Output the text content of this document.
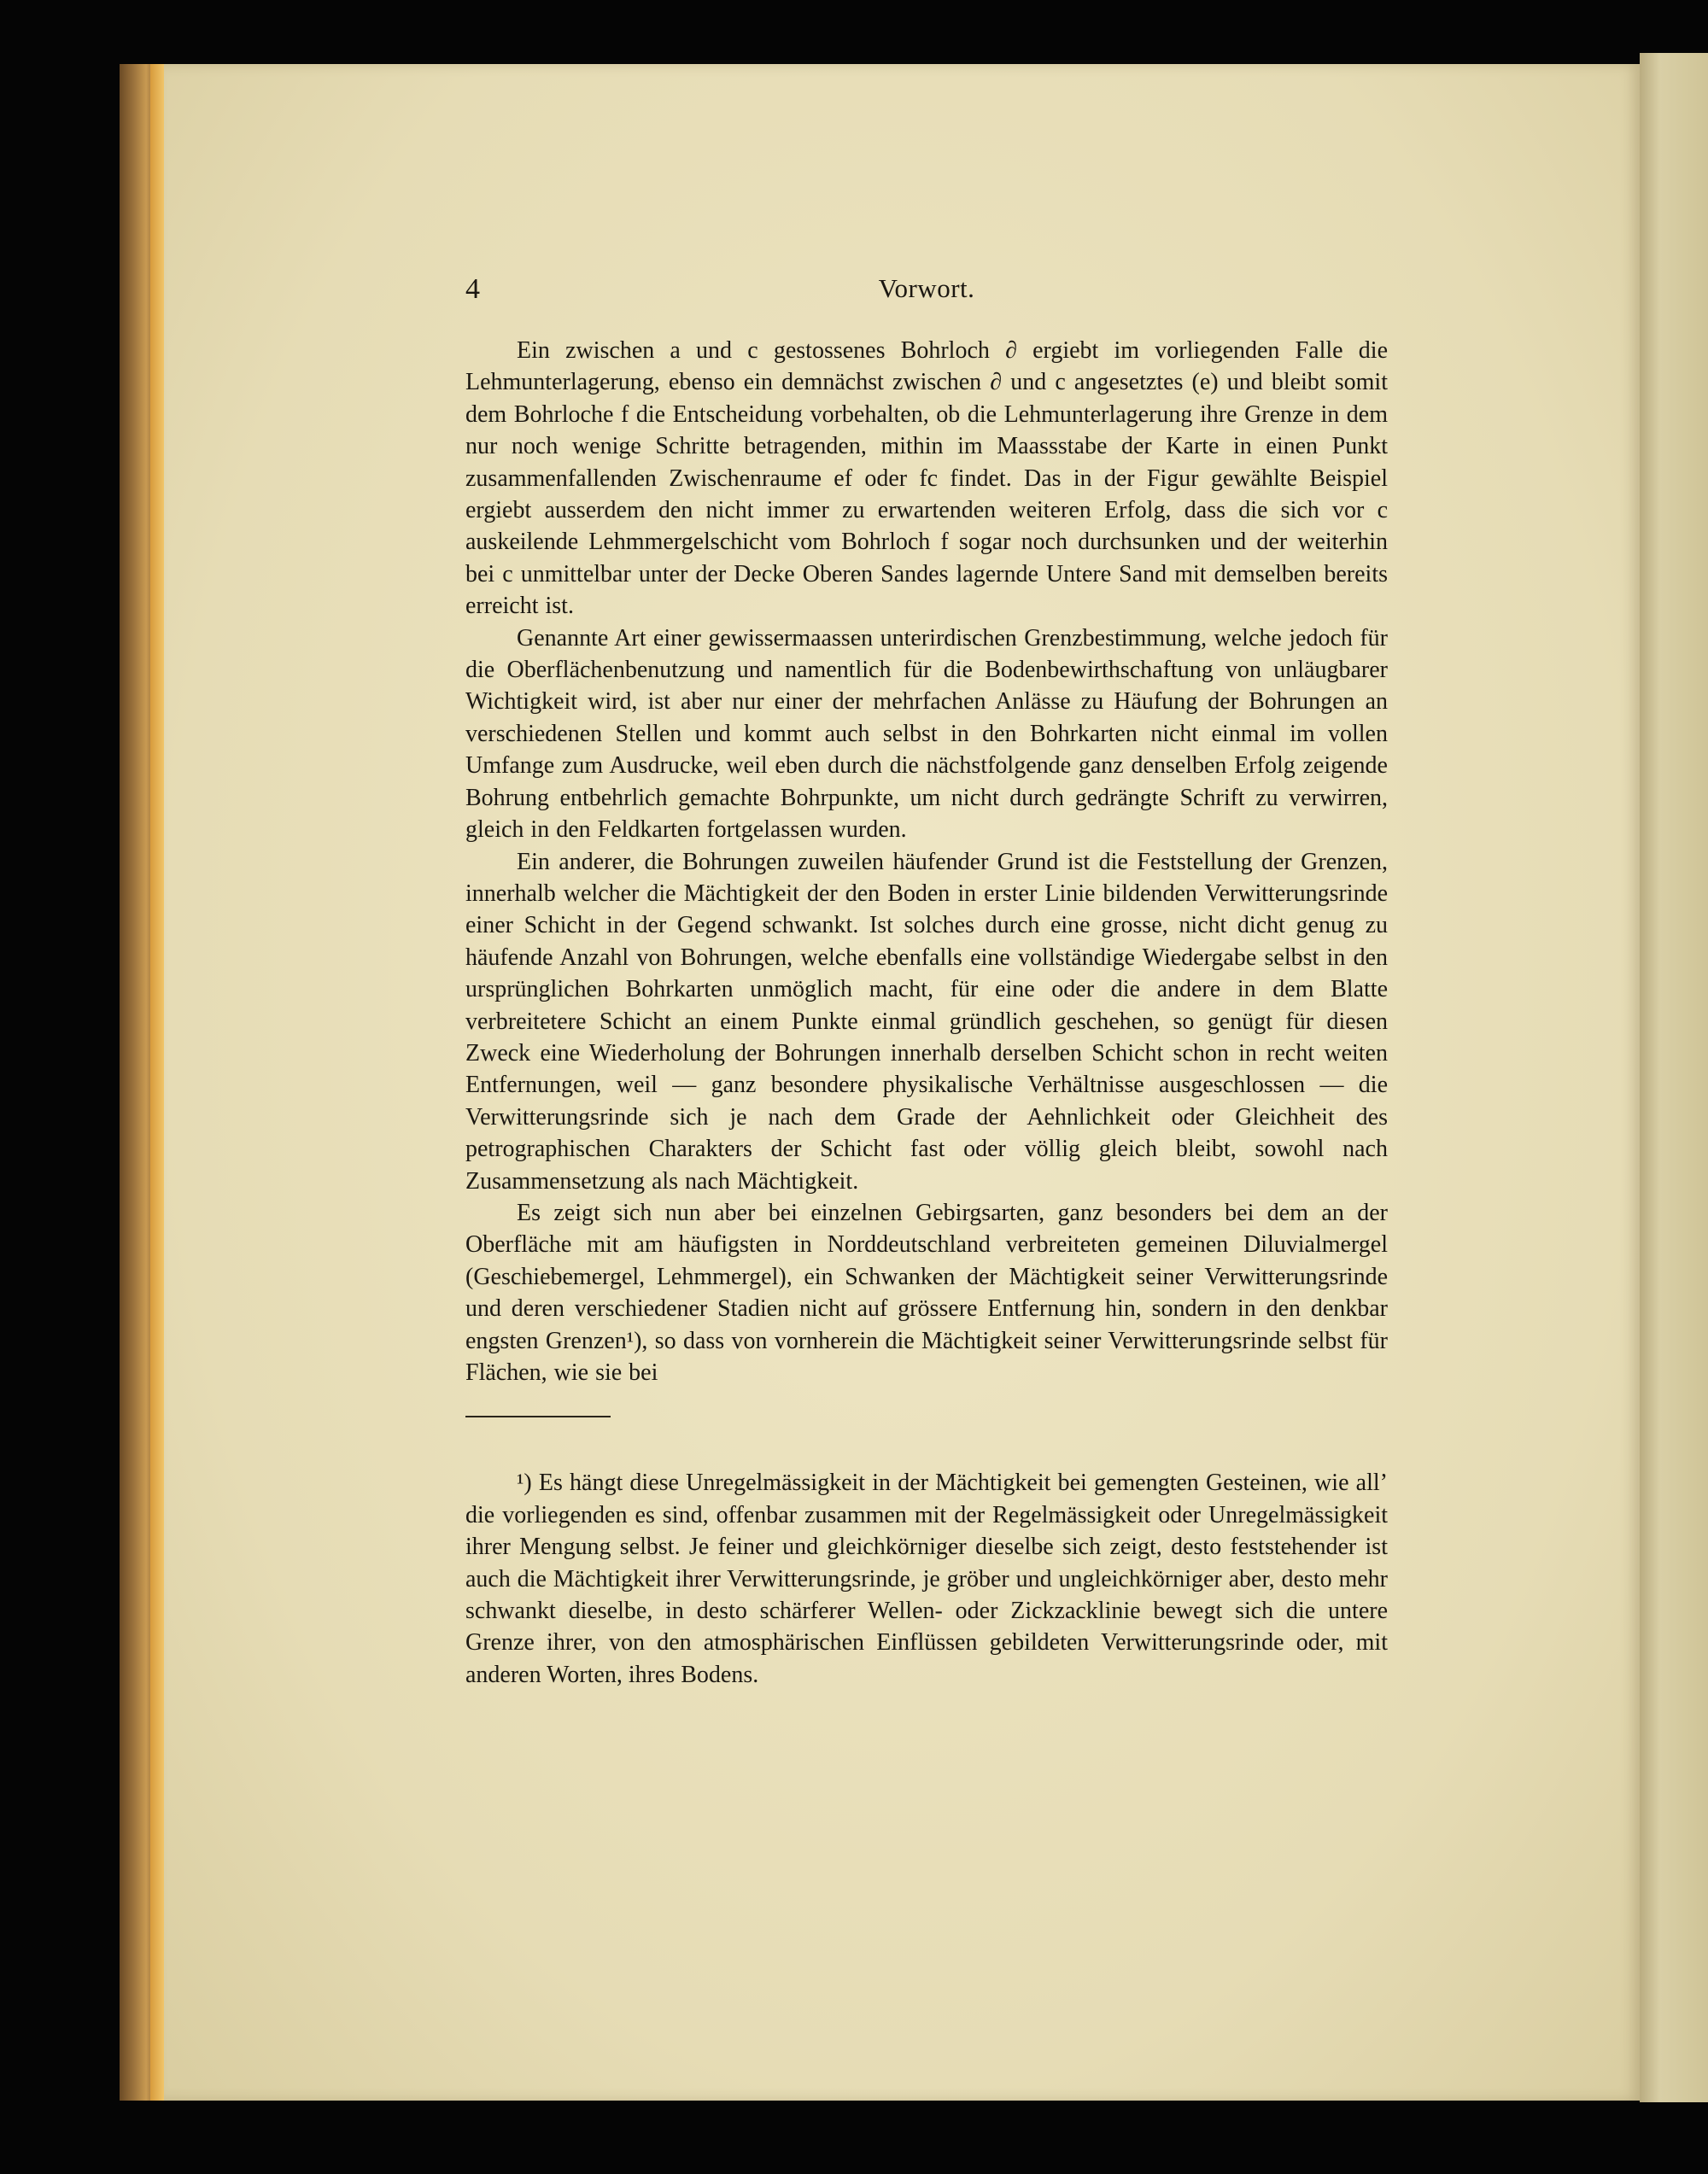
4	Vorwort.

Ein zwischen a und c gestossenes Bohrloch ∂ ergiebt im vorliegenden Falle die Lehmunterlagerung, ebenso ein demnächst zwischen ∂ und c angesetztes (e) und bleibt somit dem Bohrloche f die Entscheidung vorbehalten, ob die Lehmunterlagerung ihre Grenze in dem nur noch wenige Schritte betragenden, mithin im Maassstabe der Karte in einen Punkt zusammenfallenden Zwischenraume ef oder fc findet. Das in der Figur gewählte Beispiel ergiebt ausserdem den nicht immer zu erwartenden weiteren Erfolg, dass die sich vor c auskeilende Lehmmergelschicht vom Bohrloch f sogar noch durchsunken und der weiterhin bei c unmittelbar unter der Decke Oberen Sandes lagernde Untere Sand mit demselben bereits erreicht ist.

Genannte Art einer gewissermaassen unterirdischen Grenzbestimmung, welche jedoch für die Oberflächenbenutzung und namentlich für die Bodenbewirthschaftung von unläugbarer Wichtigkeit wird, ist aber nur einer der mehrfachen Anlässe zu Häufung der Bohrungen an verschiedenen Stellen und kommt auch selbst in den Bohrkarten nicht einmal im vollen Umfange zum Ausdrucke, weil eben durch die nächstfolgende ganz denselben Erfolg zeigende Bohrung entbehrlich gemachte Bohrpunkte, um nicht durch gedrängte Schrift zu verwirren, gleich in den Feldkarten fortgelassen wurden.

Ein anderer, die Bohrungen zuweilen häufender Grund ist die Feststellung der Grenzen, innerhalb welcher die Mächtigkeit der den Boden in erster Linie bildenden Verwitterungsrinde einer Schicht in der Gegend schwankt. Ist solches durch eine grosse, nicht dicht genug zu häufende Anzahl von Bohrungen, welche ebenfalls eine vollständige Wiedergabe selbst in den ursprünglichen Bohrkarten unmöglich macht, für eine oder die andere in dem Blatte verbreitetere Schicht an einem Punkte einmal gründlich geschehen, so genügt für diesen Zweck eine Wiederholung der Bohrungen innerhalb derselben Schicht schon in recht weiten Entfernungen, weil — ganz besondere physikalische Verhältnisse ausgeschlossen — die Verwitterungsrinde sich je nach dem Grade der Aehnlichkeit oder Gleichheit des petrographischen Charakters der Schicht fast oder völlig gleich bleibt, sowohl nach Zusammensetzung als nach Mächtigkeit.

Es zeigt sich nun aber bei einzelnen Gebirgsarten, ganz besonders bei dem an der Oberfläche mit am häufigsten in Norddeutschland verbreiteten gemeinen Diluvialmergel (Geschiebemergel, Lehmmergel), ein Schwanken der Mächtigkeit seiner Verwitterungsrinde und deren verschiedener Stadien nicht auf grössere Entfernung hin, sondern in den denkbar engsten Grenzen¹), so dass von vornherein die Mächtigkeit seiner Verwitterungsrinde selbst für Flächen, wie sie bei

¹) Es hängt diese Unregelmässigkeit in der Mächtigkeit bei gemengten Gesteinen, wie all’ die vorliegenden es sind, offenbar zusammen mit der Regelmässigkeit oder Unregelmässigkeit ihrer Mengung selbst. Je feiner und gleichkörniger dieselbe sich zeigt, desto feststehender ist auch die Mächtigkeit ihrer Verwitterungsrinde, je gröber und ungleichkörniger aber, desto mehr schwankt dieselbe, in desto schärferer Wellen- oder Zickzacklinie bewegt sich die untere Grenze ihrer, von den atmosphärischen Einflüssen gebildeten Verwitterungsrinde oder, mit anderen Worten, ihres Bodens.
